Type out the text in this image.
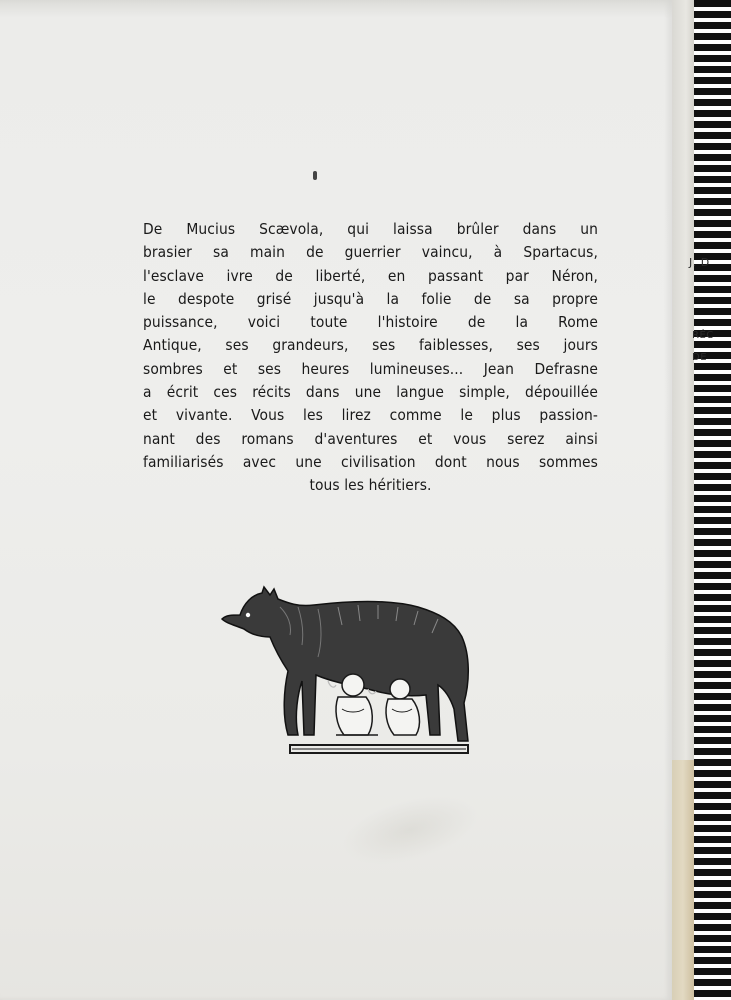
J. D
RÉC
DE
De Mucius Scævola, qui laissa brûler dans un
brasier sa main de guerrier vaincu, à Spartacus,
l'esclave ivre de liberté, en passant par Néron,
le despote grisé jusqu'à la folie de sa propre
puissance, voici toute l'histoire de la Rome
Antique, ses grandeurs, ses faiblesses, ses jours
sombres et ses heures lumineuses... Jean Defrasne
a écrit ces récits dans une langue simple, dépouillée
et vivante. Vous les lirez comme le plus passion-
nant des romans d'aventures et vous serez ainsi
familiarisés avec une civilisation dont nous sommes
tous les héritiers.
